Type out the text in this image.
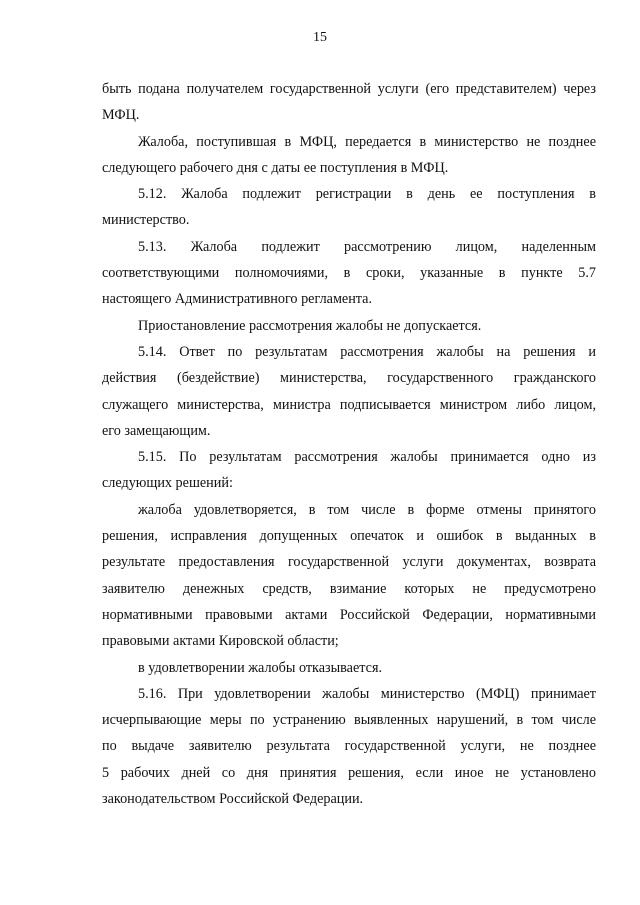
15

быть подана получателем государственной услуги (его представителем) через
МФЦ.

Жалоба, поступившая в МФЦ, передается в министерство не позднее
следующего рабочего дня с даты ее поступления в МФЦ.

5.12. Жалоба подлежит регистрации в день ее поступления в
министерство.

5.13. Жалоба подлежит рассмотрению лицом, наделенным
соответствующими полномочиями, в сроки, указанные в пункте 5.7
настоящего Административного регламента.

Приостановление рассмотрения жалобы не допускается.

5.14. Ответ по результатам рассмотрения жалобы на решения и
действия (бездействие) министерства, государственного гражданского
служащего министерства, министра подписывается министром либо лицом,
его замещающим.

5.15. По результатам рассмотрения жалобы принимается одно из
следующих решений:

жалоба удовлетворяется, в том числе в форме отмены принятого
решения, исправления допущенных опечаток и ошибок в выданных в
результате предоставления государственной услуги документах, возврата
заявителю денежных средств, взимание которых не предусмотрено
нормативными правовыми актами Российской Федерации, нормативными
правовыми актами Кировской области;

в удовлетворении жалобы отказывается.

5.16. При удовлетворении жалобы министерство (МФЦ) принимает
исчерпывающие меры по устранению выявленных нарушений, в том числе
по выдаче заявителю результата государственной услуги, не позднее
5 рабочих дней со дня принятия решения, если иное не установлено
законодательством Российской Федерации.
